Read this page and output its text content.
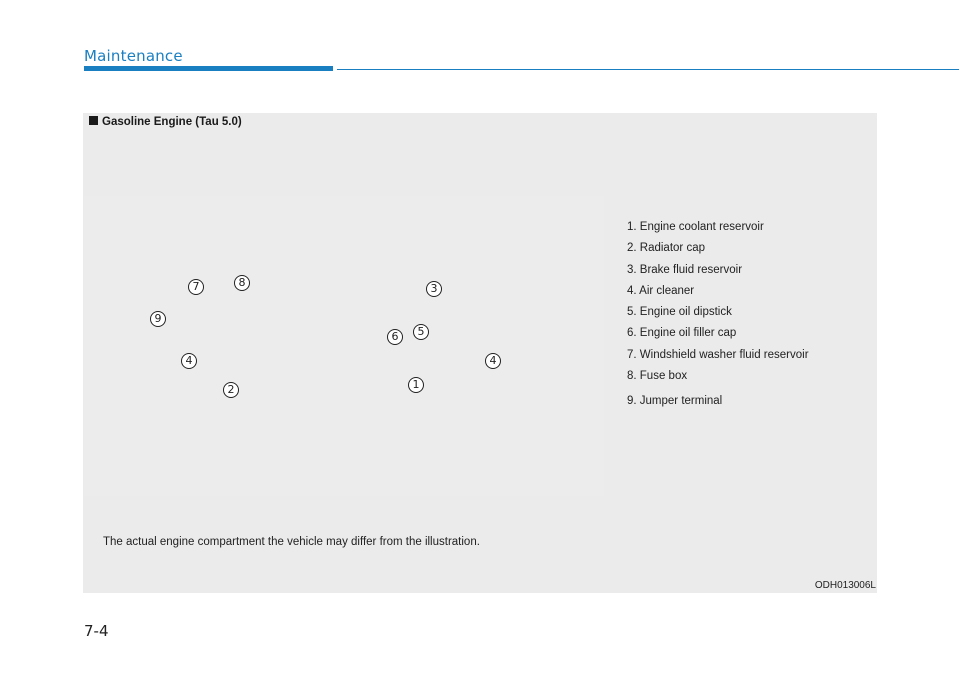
Maintenance
Gasoline Engine (Tau 5.0)
7	8
9
4
2
3
6	5
1
4
1. Engine coolant reservoir
2. Radiator cap
3. Brake fluid reservoir
4. Air cleaner
5. Engine oil dipstick
6. Engine oil filler cap
7. Windshield washer fluid reservoir
8. Fuse box
9. Jumper terminal
The actual engine compartment the vehicle may differ from the illustration.
ODH013006L
7-4
